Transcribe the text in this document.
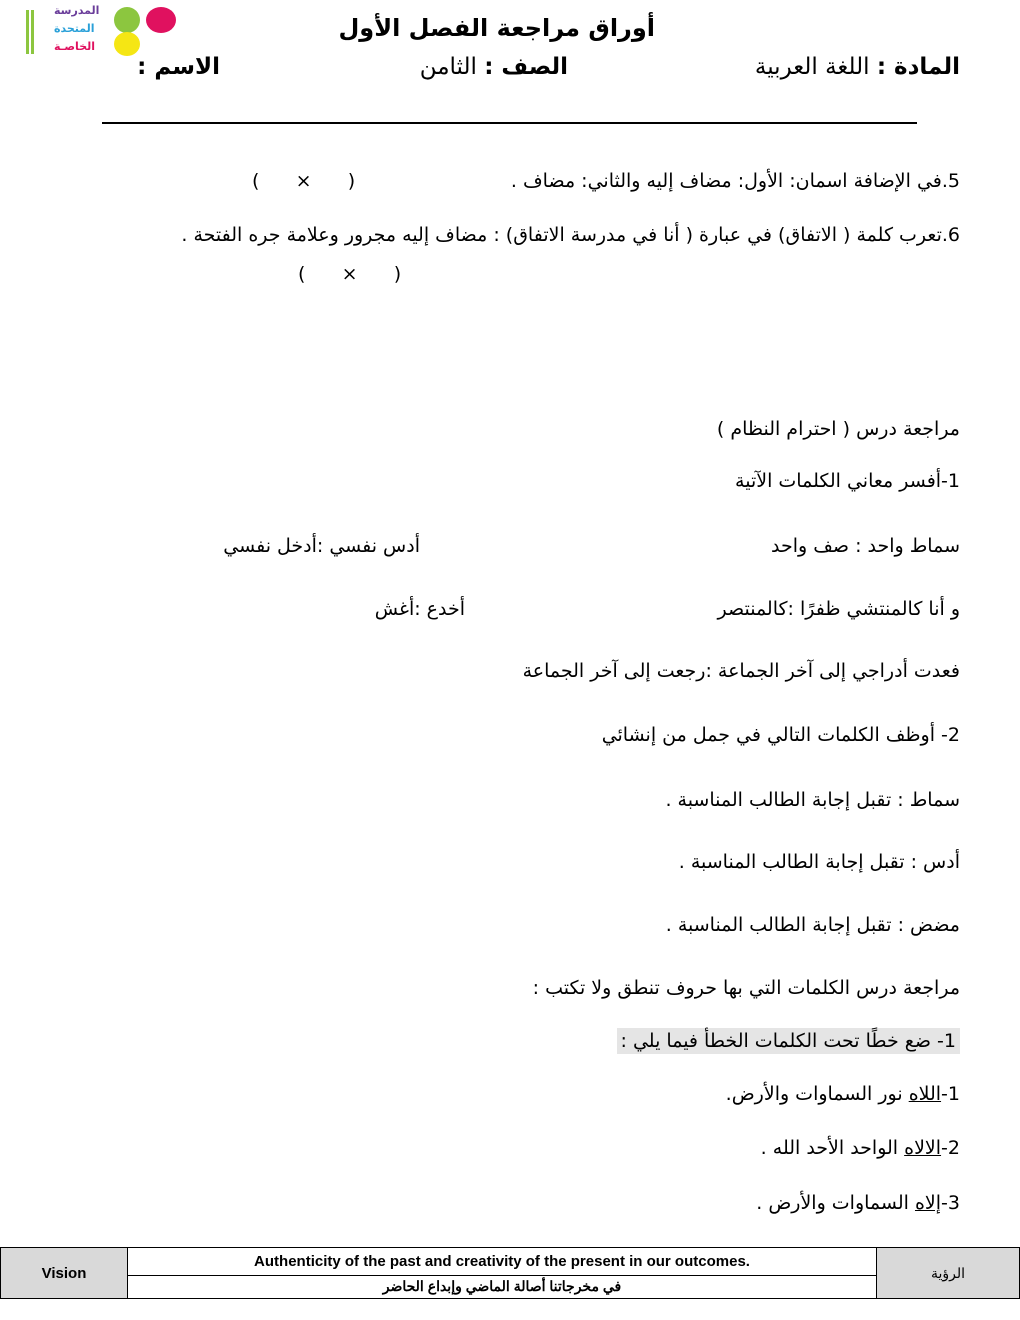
المدرسة
المتحدة
الخاصـة
أوراق مراجعة الفصل الأول
المادة : اللغة العربية
الصف : الثامن
الاسم :
5.في الإضافة اسمان: الأول: مضاف إليه والثاني: مضاف .
(      ×      )
6.تعرب كلمة ( الاتفاق) في عبارة ( أنا في مدرسة الاتفاق) : مضاف إليه مجرور وعلامة جره الفتحة .
(      ×      )
مراجعة درس ( احترام النظام )
1-أفسر معاني الكلمات الآتية
سماط واحد : صف واحد
أدس نفسي :أدخل نفسي
و أنا كالمنتشي ظفرًا :كالمنتصر
أخدع :أغش
فعدت أدراجي إلى آخر الجماعة :رجعت إلى آخر الجماعة
2- أوظف الكلمات التالي في جمل من إنشائي
سماط : تقبل إجابة الطالب المناسبة .
أدس : تقبل إجابة الطالب المناسبة .
مضض : تقبل إجابة الطالب المناسبة .
مراجعة درس الكلمات التي بها حروف تنطق ولا تكتب :
1- ضع خطًا تحت الكلمات الخطأ فيما يلي :
1-اللاه نور السماوات والأرض.
2-الالاه الواحد الأحد الله .
3-إلاه السماوات والأرض .
Vision	Authenticity of the past and creativity of the present in our outcomes.	الرؤية
في مخرجاتنا أصالة الماضي وإبداع الحاضر
